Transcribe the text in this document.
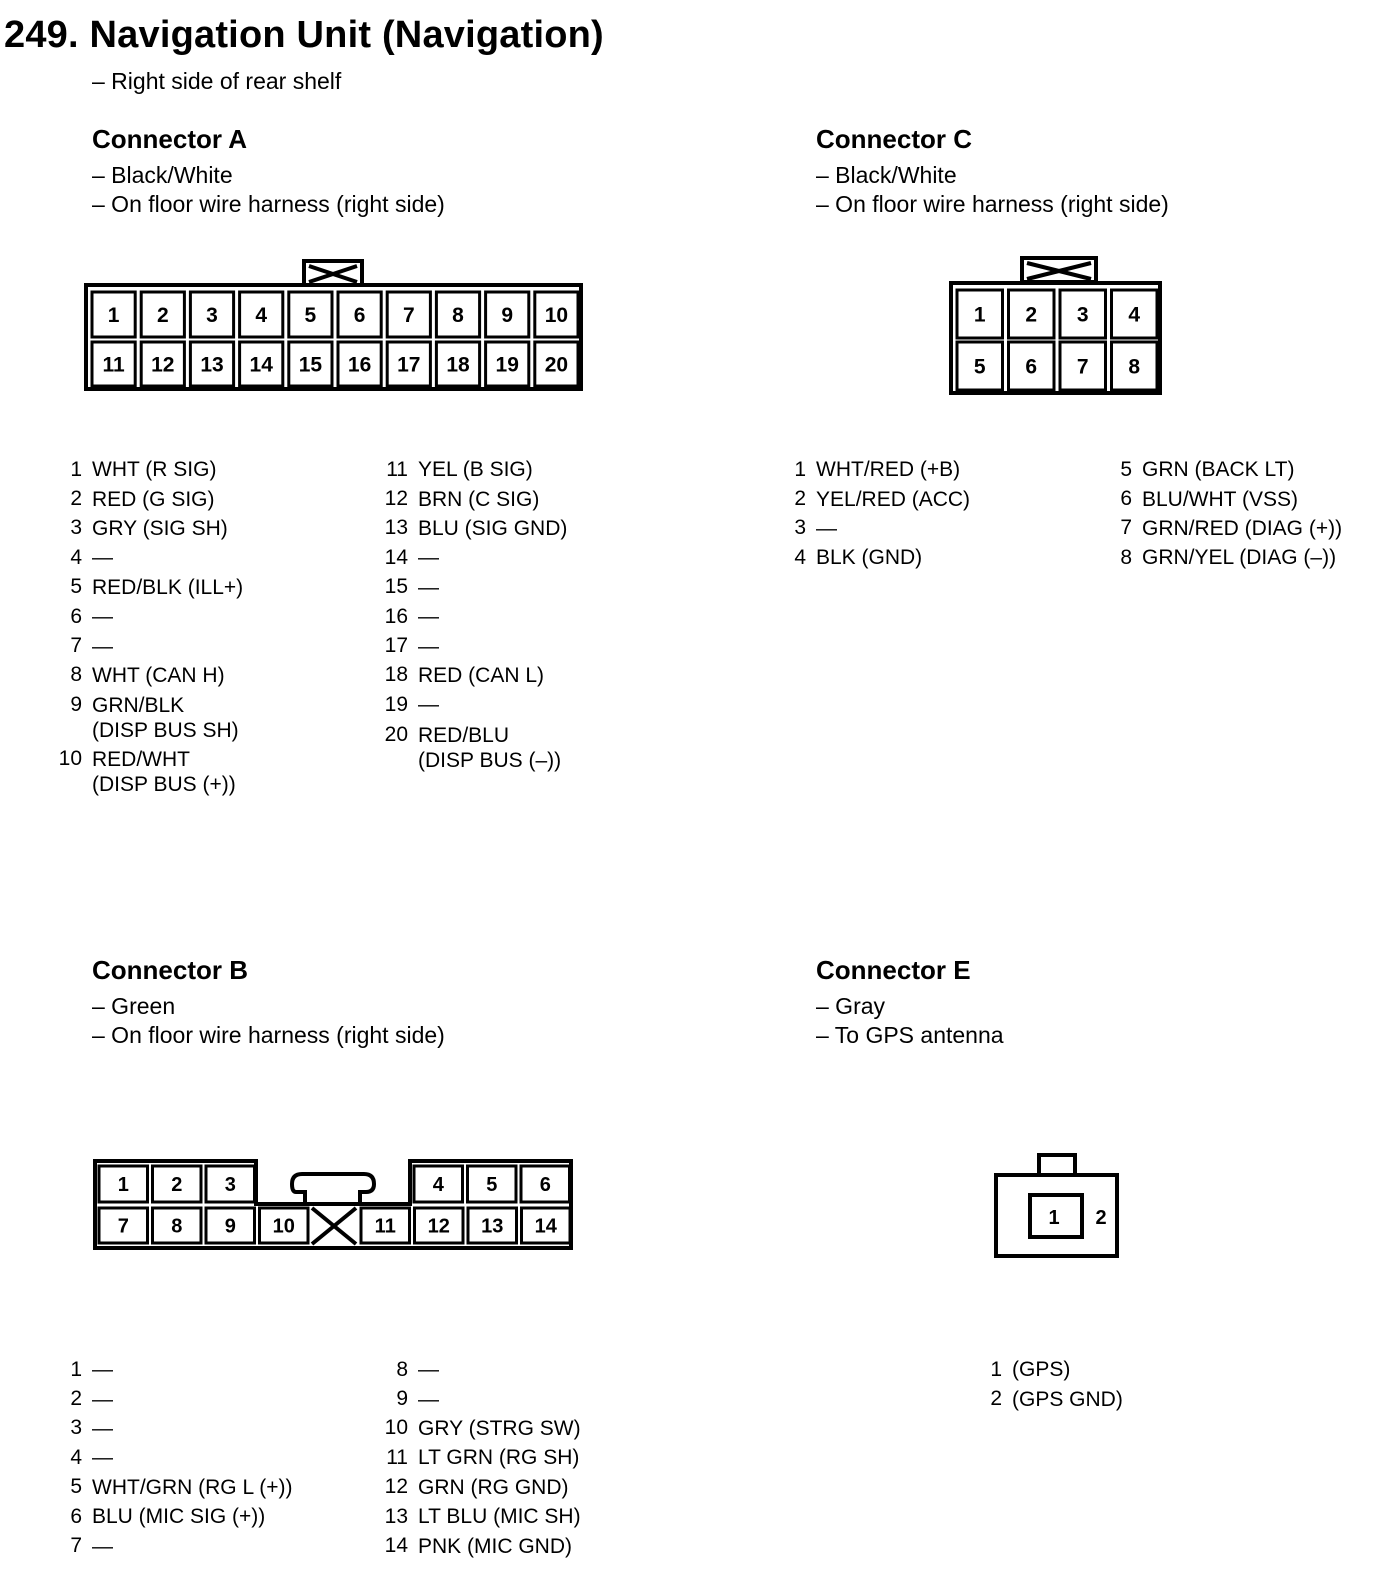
249. Navigation Unit (Navigation)
– Right side of rear shelf
Connector A
– Black/White
– On floor wire harness (right side)
Connector C
– Black/White
– On floor wire harness (right side)
Connector B
– Green
– On floor wire harness (right side)
Connector E
– Gray
– To GPS antenna
1 2 3 4 5 6 7 8 9 10
11 12 13 14 15 16 17 18 19 20
1 2 3 4
5 6 7 8
1 2 3	4 5 6
7 8 9 10	11 12 13 14	1 2
1 WHT (R SIG)
2 RED (G SIG)
3 GRY (SIG SH)
4 —
5 RED/BLK (ILL+)
6 —
7 —
8 WHT (CAN H)
9 GRN/BLK
(DISP BUS SH)
10 RED/WHT
(DISP BUS (+))
11 YEL (B SIG)
12 BRN (C SIG)
13 BLU (SIG GND)
14 —
15 —
16 —
17 —
18 RED (CAN L)
19 —
20 RED/BLU
(DISP BUS (–))
1 WHT/RED (+B)
2 YEL/RED (ACC)
3 —
4 BLK (GND)
5 GRN (BACK LT)
6 BLU/WHT (VSS)
7 GRN/RED (DIAG (+))
8 GRN/YEL (DIAG (–))
1 —
2 —
3 —
4 —
5 WHT/GRN (RG L (+))
6 BLU (MIC SIG (+))
7 —
8 —
9 —
10 GRY (STRG SW)
11 LT GRN (RG SH)
12 GRN (RG GND)
13 LT BLU (MIC SH)
14 PNK (MIC GND)
1 (GPS)
2 (GPS GND)
